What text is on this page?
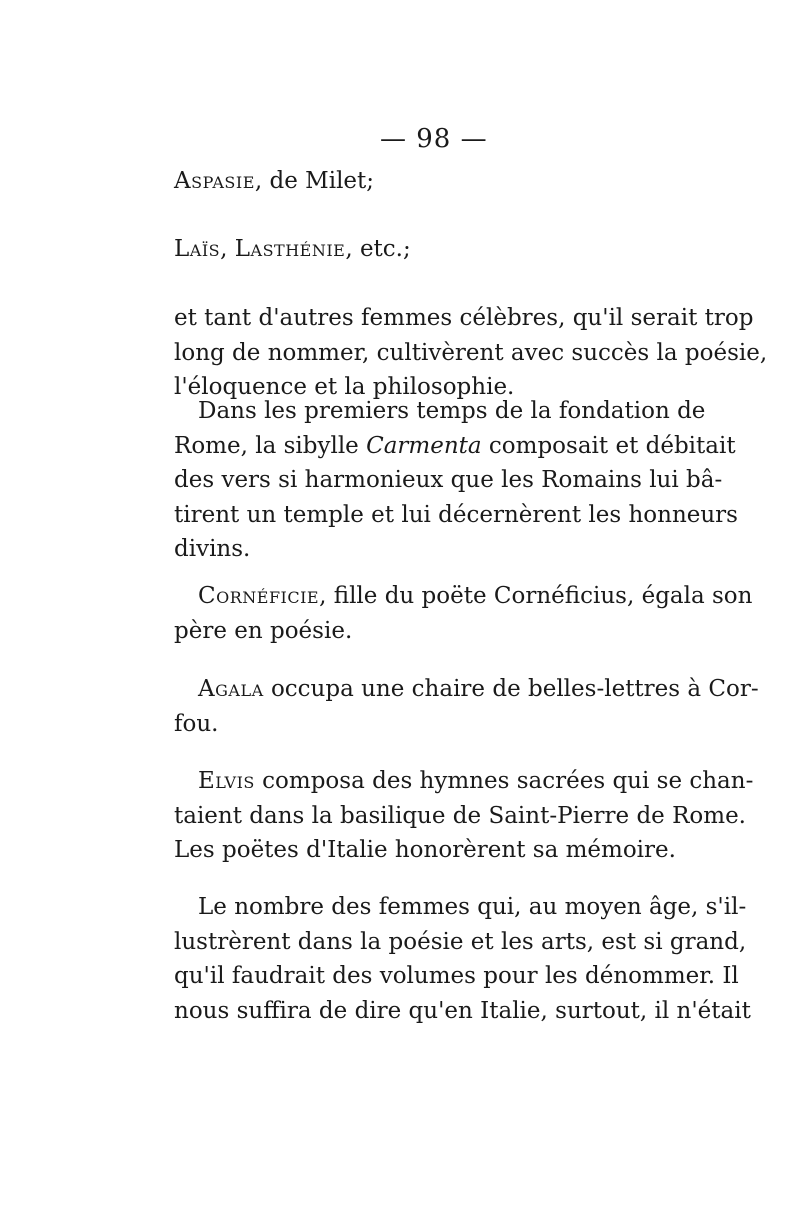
— 98 —
Aspasie, de Milet;
Laïs, Lasthénie, etc.;
et tant d'autres femmes célèbres, qu'il serait trop
long de nommer, cultivèrent avec succès la poésie,
l'éloquence et la philosophie.
Dans les premiers temps de la fondation de
Rome, la sibylle Carmenta composait et débitait
des vers si harmonieux que les Romains lui bâ-
tirent un temple et lui décernèrent les honneurs
divins.
Cornéficie, fille du poëte Cornéficius, égala son
père en poésie.
Agala occupa une chaire de belles-lettres à Cor-
fou.
Elvis composa des hymnes sacrées qui se chan-
taient dans la basilique de Saint-Pierre de Rome.
Les poëtes d'Italie honorèrent sa mémoire.
Le nombre des femmes qui, au moyen âge, s'il-
lustrèrent dans la poésie et les arts, est si grand,
qu'il faudrait des volumes pour les dénommer. Il
nous suffira de dire qu'en Italie, surtout, il n'était
